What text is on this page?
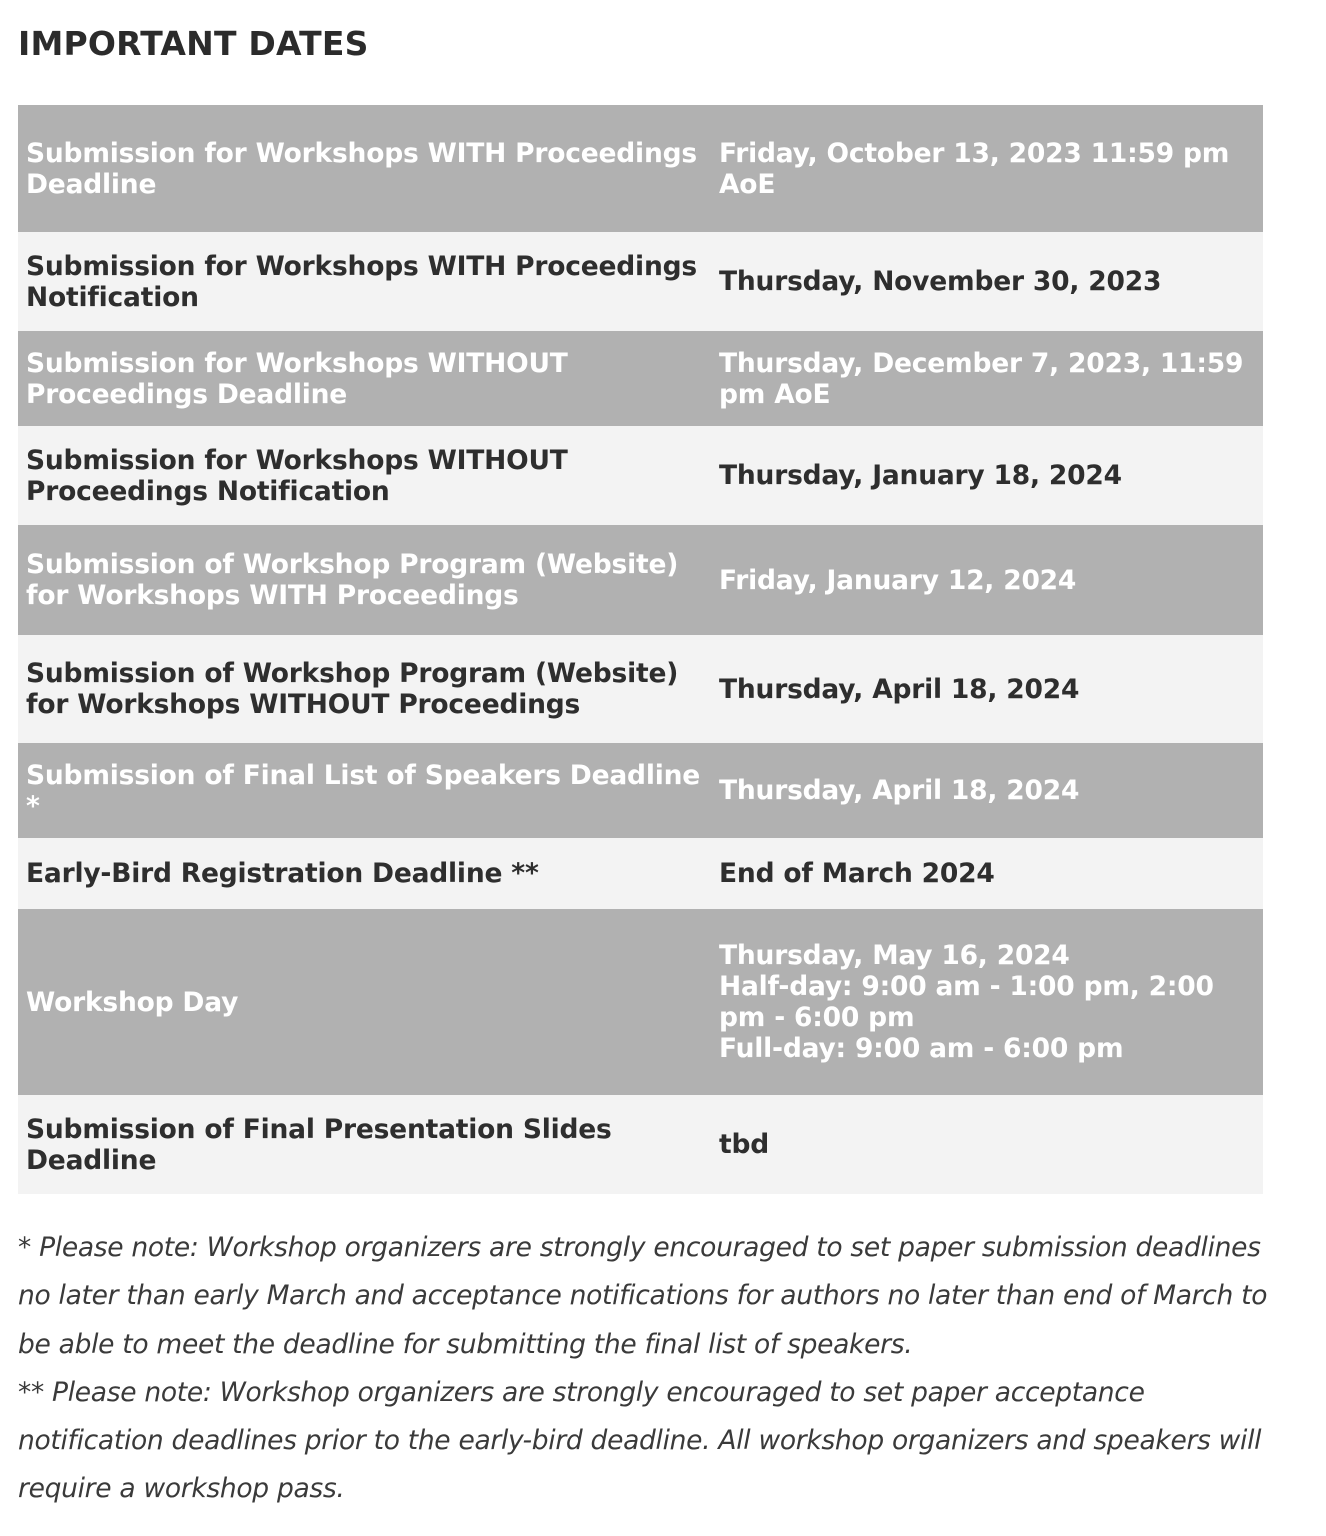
IMPORTANT DATES
Submission for Workshops WITH Proceedings Deadline	Friday, October 13, 2023 11:59 pm AoE

Submission for Workshops WITH Proceedings Notification	Thursday, November 30, 2023

Submission for Workshops WITHOUT Proceedings Deadline	Thursday, December 7, 2023, 11:59 pm AoE

Submission for Workshops WITHOUT Proceedings Notification	Thursday, January 18, 2024

Submission of Workshop Program (Website) for Workshops WITH Proceedings	Friday, January 12, 2024

Submission of Workshop Program (Website) for Workshops WITHOUT Proceedings	Thursday, April 18, 2024

Submission of Final List of Speakers Deadline *	Thursday, April 18, 2024

Early-Bird Registration Deadline **	End of March 2024

Workshop Day	Thursday, May 16, 2024
Half-day: 9:00 am - 1:00 pm, 2:00 pm - 6:00 pm
Full-day: 9:00 am - 6:00 pm

Submission of Final Presentation Slides Deadline	tbd

* Please note: Workshop organizers are strongly encouraged to set paper submission deadlines no later than early March and acceptance notifications for authors no later than end of March to be able to meet the deadline for submitting the final list of speakers.

** Please note: Workshop organizers are strongly encouraged to set paper acceptance notification deadlines prior to the early-bird deadline. All workshop organizers and speakers will require a workshop pass.
